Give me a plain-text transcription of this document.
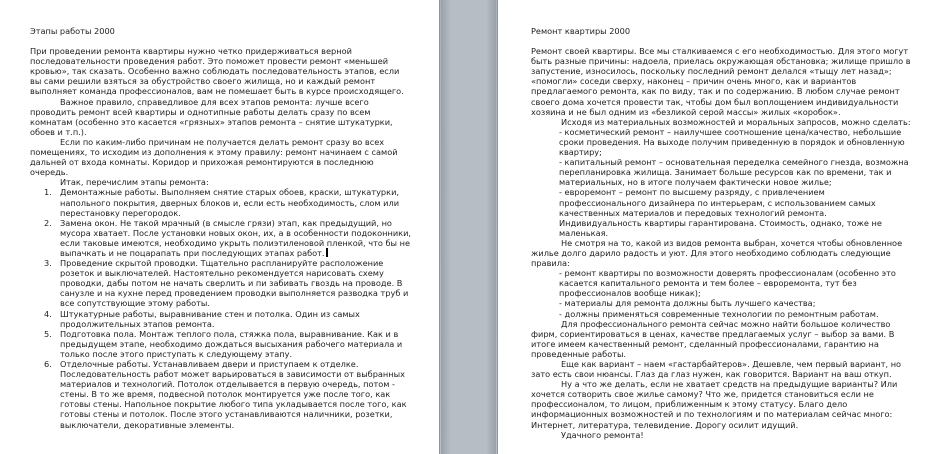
Этапы работы 2000

При проведении ремонта квартиры нужно четко придерживаться верной последовательности проведения работ. Это поможет провести ремонт «меньшей кровью», так сказать. Особенно важно соблюдать последовательность этапов, если вы сами решили взяться за обустройство своего жилища, но и каждый ремонт выполняет команда профессионалов, вам не помешает быть в курсе происходящего.

Важное правило, справедливое для всех этапов ремонта: лучше всего проводить ремонт всей квартиры и однотипные работы делать сразу по всем комнатам (особенно это касается «грязных» этапов ремонта – снятие штукатурки, обоев и т.п.).

Если по каким-либо причинам не получается делать ремонт сразу во всех помещениях, то исходим из дополнения к этому правилу: ремонт начинаем с самой дальней от входа комнаты. Коридор и прихожая ремонтируются в последнюю очередь.

Итак, перечислим этапы ремонта:

1. Демонтажные работы. Выполняем снятие старых обоев, краски, штукатурки, напольного покрытия, дверных блоков и, если есть необходимость, слом или перестановку перегородок.
2. Замена окон. Не такой мрачный (в смысле грязи) этап, как предыдущий, но мусора хватает. После установки новых окон, их, а в особенности подоконники, если таковые имеются, необходимо укрыть полиэтиленовой пленкой, что бы не выпачкать и не поцарапать при последующих этапах работ.
3. Проведение скрытой проводки. Тщательно распланируйте расположение розеток и выключателей. Настоятельно рекомендуется нарисовать схему проводки, дабы потом не начать сверлить и пи забивать гвоздь на проводе. В санузле и на кухне перед проведением проводки выполняется разводка труб и все сопутствующие этому работы.
4. Штукатурные работы, выравнивание стен и потолка. Один из самых продолжительных этапов ремонта.
5. Подготовка пола. Монтаж теплого пола, стяжка пола, выравнивание. Как и в предыдущем этапе, необходимо дождаться высыхания рабочего материала и только после этого приступать к следующему этапу.
6. Отделочные работы. Устанавливаем двери и приступаем к отделке. Последовательность работ может варьироваться в зависимости от выбранных материалов и технологий. Потолок отделывается в первую очередь, потом - стены. В то же время, подвесной потолок монтируется уже после того, как готовы стены. Напольное покрытие любого типа укладывается после того, как готовы стены и потолок. После этого устанавливаются наличники, розетки, выключатели, декоративные элементы.

Ремонт квартиры 2000

Ремонт своей квартиры. Все мы сталкиваемся с его необходимостью. Для этого могут быть разные причины: надоела, приелась окружающая обстановка; жилище пришло в запустение, износилось, поскольку последний ремонт делался «тыщу лет назад»; «помогли» соседи сверху, наконец – причин очень много, как и вариантов предлагаемого ремонта, как по виду, так и по содержанию. В любом случае ремонт своего дома хочется провести так, чтобы дом был воплощением индивидуальности хозяина и не был одним из «безликой серой массы» жилых «коробок».

Исходя из материальных возможностей и моральных запросов, можно сделать:

- косметический ремонт – наилучшее соотношение цена/качество, небольшие сроки проведения. На выходе получим приведенную в порядок и обновленную квартиру;

- капитальный ремонт – основательная переделка семейного гнезда, возможна перепланировка жилища. Занимает больше ресурсов как по времени, так и материальных, но в итоге получаем фактически новое жилье;

- евроремонт – ремонт по высшему разряду, с привлечением профессионального дизайнера по интерьерам, с использованием самых качественных материалов и передовых технологий ремонта. Индивидуальность квартиры гарантирована. Стоимость, однако, тоже не маленькая.

Не смотря на то, какой из видов ремонта выбран, хочется чтобы обновленное жилье долго дарило радость и уют. Для этого необходимо соблюдать следующие правила:

- ремонт квартиры по возможности доверять профессионалам (особенно это касается капитального ремонта и тем более – евроремонта, тут без профессионалов вообще никак);

- материалы для ремонта должны быть лучшего качества;

- должны применяться современные технологии по ремонтным работам.

Для профессионального ремонта сейчас можно найти большое количество фирм, сориентироваться в ценах, качестве предлагаемых услуг – выбор за вами. В итоге имеем качественный ремонт, сделанный профессионалами, гарантию на проведенные работы.

Еще как вариант – наем «гастарбайтеров». Дешевле, чем первый вариант, но зато есть свои нюансы. Глаз да глаз нужен, как говорится. Вариант на ваш откуп.

Ну а что же делать, если не хватает средств на предыдущие варианты? Или хочется сотворить свое жилье самому? Что же, придется становиться если не профессионалом, то лицом, приближенным к этому статусу. Благо дело информационных возможностей и по технологиям и по материалам сейчас много: Интернет, литература, телевидение. Дорогу осилит идущий.

Удачного ремонта!
